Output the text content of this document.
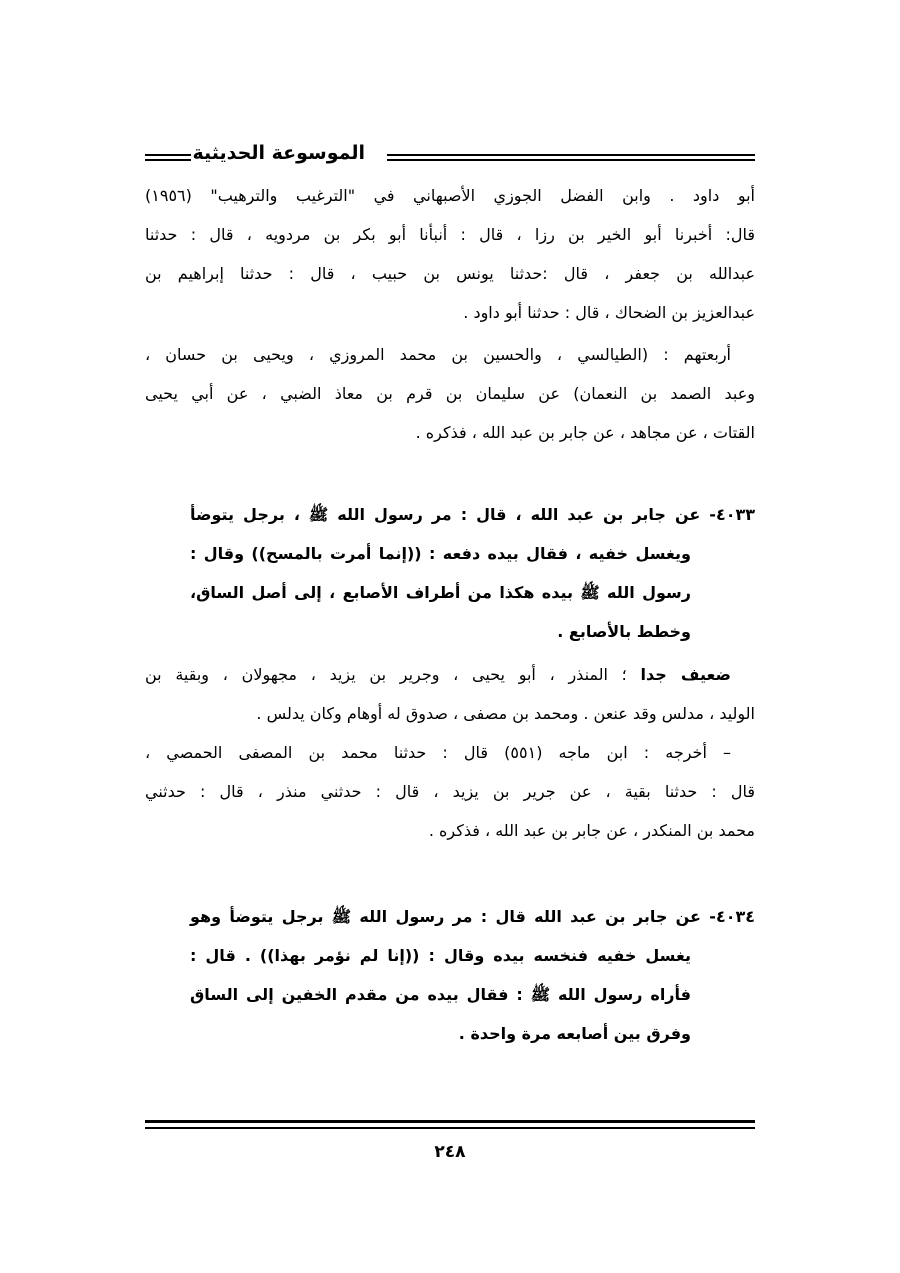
الموسوعة الحديثية
أبو داود . وابن الفضل الجوزي الأصبهاني في "الترغيب والترهيب" (١٩٥٦)
قال: أخبرنا أبو الخير بن رزا ، قال : أنبأنا أبو بكر بن مردويه ، قال : حدثنا
عبدالله بن جعفر ، قال :حدثنا يونس بن حبيب ، قال : حدثنا إبراهيم بن
عبدالعزيز بن الضحاك ، قال : حدثنا أبو داود .
أربعتهم : (الطيالسي ، والحسين بن محمد المروزي ، ويحيى بن حسان ،
وعبد الصمد بن النعمان) عن سليمان بن قرم بن معاذ الضبي ، عن أبي يحيى
القتات ، عن مجاهد ، عن جابر بن عبد الله ، فذكره .
٤٠٣٣- عن جابر بن عبد الله ، قال : مر رسول الله ﷺ ، برجل يتوضأ
ويغسل خفيه ، فقال بيده دفعه : ((إنما أمرت بالمسح)) وقال :
رسول الله ﷺ بيده هكذا من أطراف الأصابع ، إلى أصل الساق،
وخطط بالأصابع .
ضعيف جدا ؛ المنذر ، أبو يحيى ، وجرير بن يزيد ، مجهولان ، وبقية بن
الوليد ، مدلس وقد عنعن . ومحمد بن مصفى ، صدوق له أوهام وكان يدلس .
– أخرجه : ابن ماجه (٥٥١) قال : حدثنا محمد بن المصفى الحمصي ،
قال : حدثنا بقية ، عن جرير بن يزيد ، قال : حدثني منذر ، قال : حدثني
محمد بن المنكدر ، عن جابر بن عبد الله ، فذكره .
٤٠٣٤- عن جابر بن عبد الله قال : مر رسول الله ﷺ برجل يتوضأ وهو
يغسل خفيه فنخسه بيده وقال : ((إنا لم نؤمر بهذا)) . قال :
فأراه رسول الله ﷺ : فقال بيده من مقدم الخفين إلى الساق
وفرق بين أصابعه مرة واحدة .
٢٤٨
